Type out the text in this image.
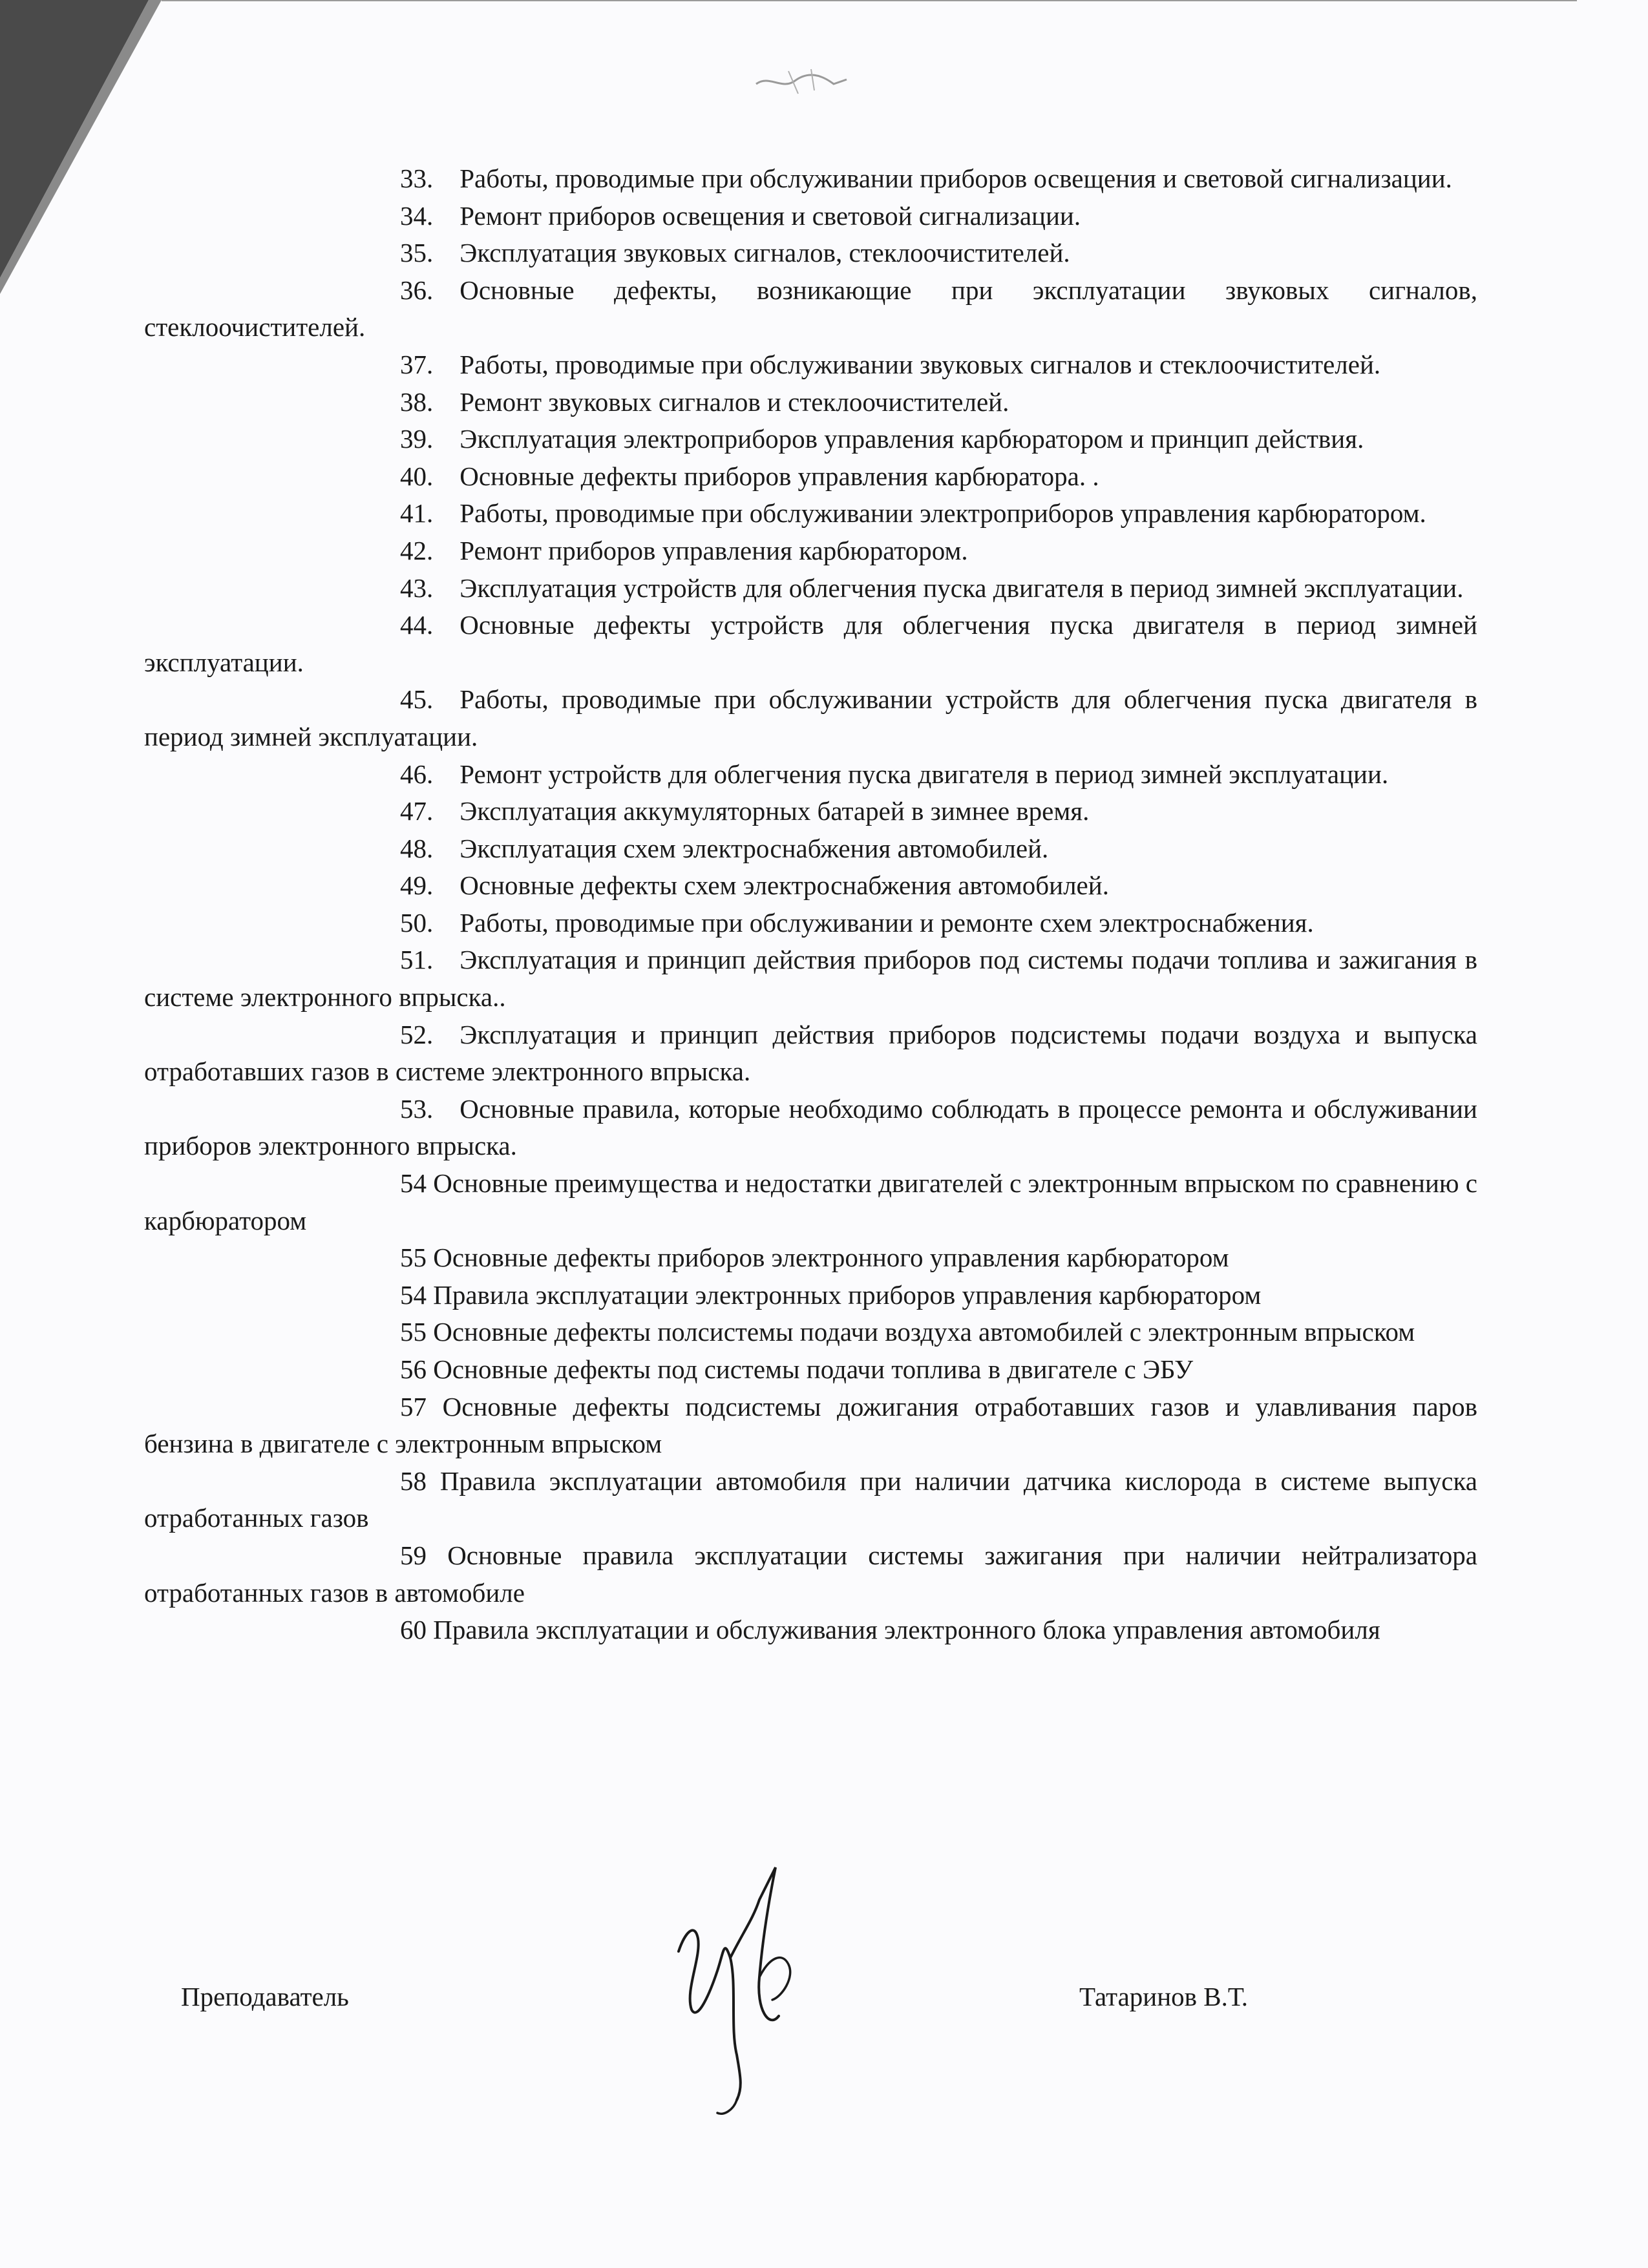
33.  Работы, проводимые при обслуживании приборов освещения и световой сигнализации.

34.  Ремонт приборов освещения и световой сигнализации.

35.  Эксплуатация звуковых сигналов, стеклоочистителей.

36.  Основные дефекты, возникающие при эксплуатации звуковых сигналов, стеклоочистителей.

37.  Работы, проводимые при обслуживании звуковых сигналов и стеклоочистителей.

38.  Ремонт звуковых сигналов и стеклоочистителей.

39.  Эксплуатация электроприборов управления карбюратором и принцип действия.

40.  Основные дефекты приборов управления карбюратора. .

41.  Работы, проводимые при обслуживании электроприборов управления карбюратором.

42.  Ремонт приборов управления карбюратором.

43.  Эксплуатация устройств для облегчения пуска двигателя в период зимней эксплуатации.

44.  Основные дефекты устройств для облегчения пуска двигателя в период зимней эксплуатации.

45.  Работы, проводимые при обслуживании устройств для облегчения пуска двигателя в период зимней эксплуатации.

46.  Ремонт устройств для облегчения пуска двигателя в период зимней эксплуатации.

47.  Эксплуатация аккумуляторных батарей в зимнее время.

48.  Эксплуатация схем электроснабжения автомобилей.

49.  Основные дефекты схем электроснабжения автомобилей.

50.  Работы, проводимые при обслуживании и ремонте схем электроснабжения.

51.  Эксплуатация и принцип действия приборов под системы подачи топлива и зажигания в системе электронного впрыска..

52.  Эксплуатация и принцип действия приборов подсистемы подачи воздуха и выпуска отработавших газов в системе электронного впрыска.

53.  Основные правила, которые необходимо соблюдать в процессе ремонта и обслуживании приборов электронного впрыска.

54 Основные преимущества и недостатки двигателей с электронным впрыском по сравнению с карбюратором

55 Основные дефекты приборов электронного управления карбюратором

54 Правила эксплуатации электронных приборов управления карбюратором

55 Основные дефекты полсистемы подачи воздуха автомобилей с электронным впрыском

56 Основные дефекты под системы подачи топлива в двигателе с ЭБУ

57 Основные дефекты подсистемы дожигания отработавших газов и улавливания паров бензина в двигателе с электронным впрыском

58 Правила эксплуатации автомобиля при наличии датчика кислорода в системе выпуска отработанных газов

59 Основные правила эксплуатации системы зажигания при наличии нейтрализатора отработанных газов в автомобиле

60 Правила эксплуатации и обслуживания электронного блока управления автомобиля

Преподаватель	Татаринов В.Т.
